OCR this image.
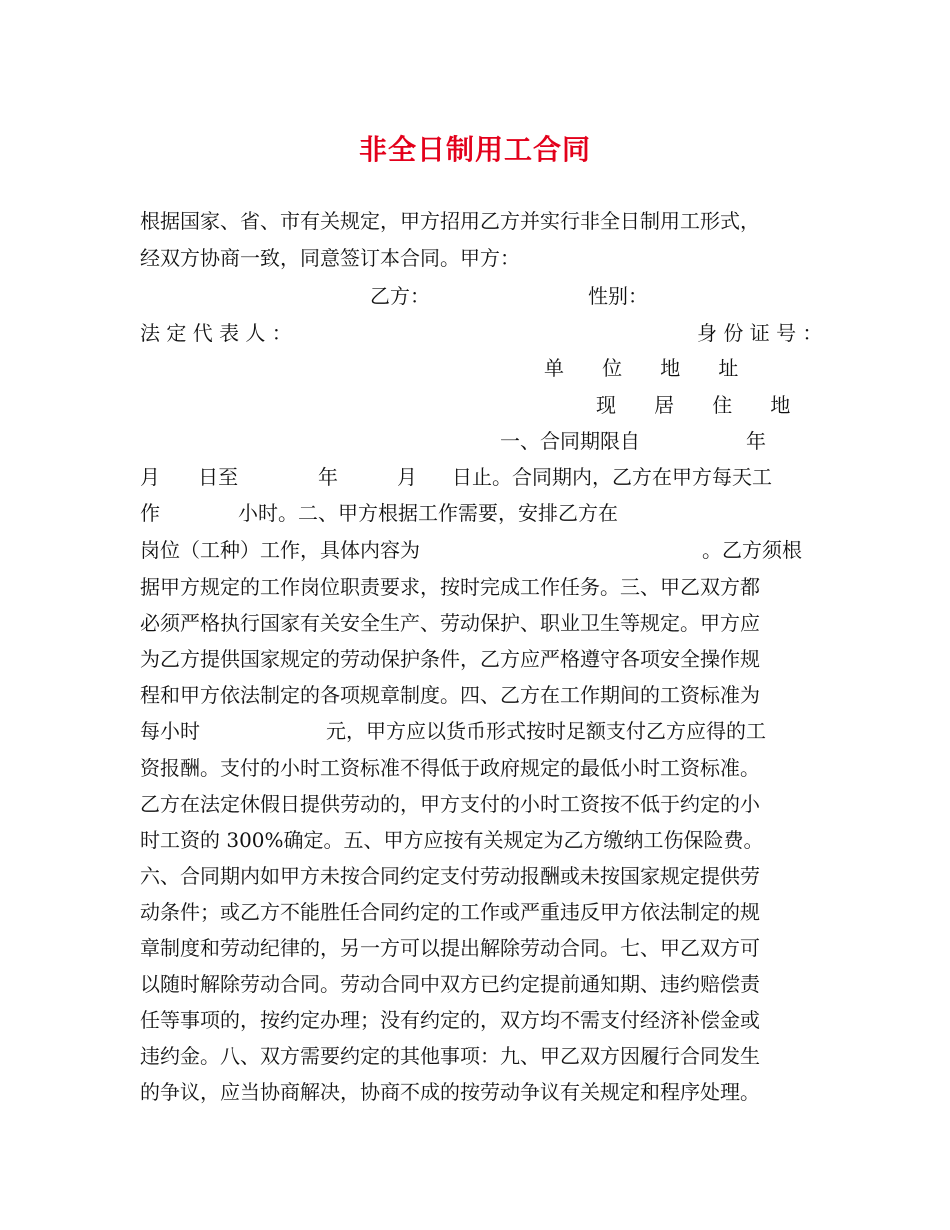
非全日制用工合同
根据国家、省、市有关规定，甲方招用乙方并实行非全日制用工形式，
经双方协商一致，同意签订本合同。甲方：
乙方：	性别：
法 定 代 表 人 ：	身 份 证 号 ：
单      位      地      址
现      居      住      地
一、合同期限自	年
月      日至	年	月 日止。合同期内，乙方在甲方每天工
作	小时。二、甲方根据工作需要，安排乙方在
岗位（工种）工作，具体内容为	。乙方须根
据甲方规定的工作岗位职责要求，按时完成工作任务。三、甲乙双方都
必须严格执行国家有关安全生产、劳动保护、职业卫生等规定。甲方应
为乙方提供国家规定的劳动保护条件，乙方应严格遵守各项安全操作规
程和甲方依法制定的各项规章制度。四、乙方在工作期间的工资标准为
每小时	元，甲方应以货币形式按时足额支付乙方应得的工
资报酬。支付的小时工资标准不得低于政府规定的最低小时工资标准。
乙方在法定休假日提供劳动的，甲方支付的小时工资按不低于约定的小
时工资的 300%确定。五、甲方应按有关规定为乙方缴纳工伤保险费。
六、合同期内如甲方未按合同约定支付劳动报酬或未按国家规定提供劳
动条件；或乙方不能胜任合同约定的工作或严重违反甲方依法制定的规
章制度和劳动纪律的，另一方可以提出解除劳动合同。七、甲乙双方可
以随时解除劳动合同。劳动合同中双方已约定提前通知期、违约赔偿责
任等事项的，按约定办理；没有约定的，双方均不需支付经济补偿金或
违约金。八、双方需要约定的其他事项：九、甲乙双方因履行合同发生
的争议，应当协商解决，协商不成的按劳动争议有关规定和程序处理。
